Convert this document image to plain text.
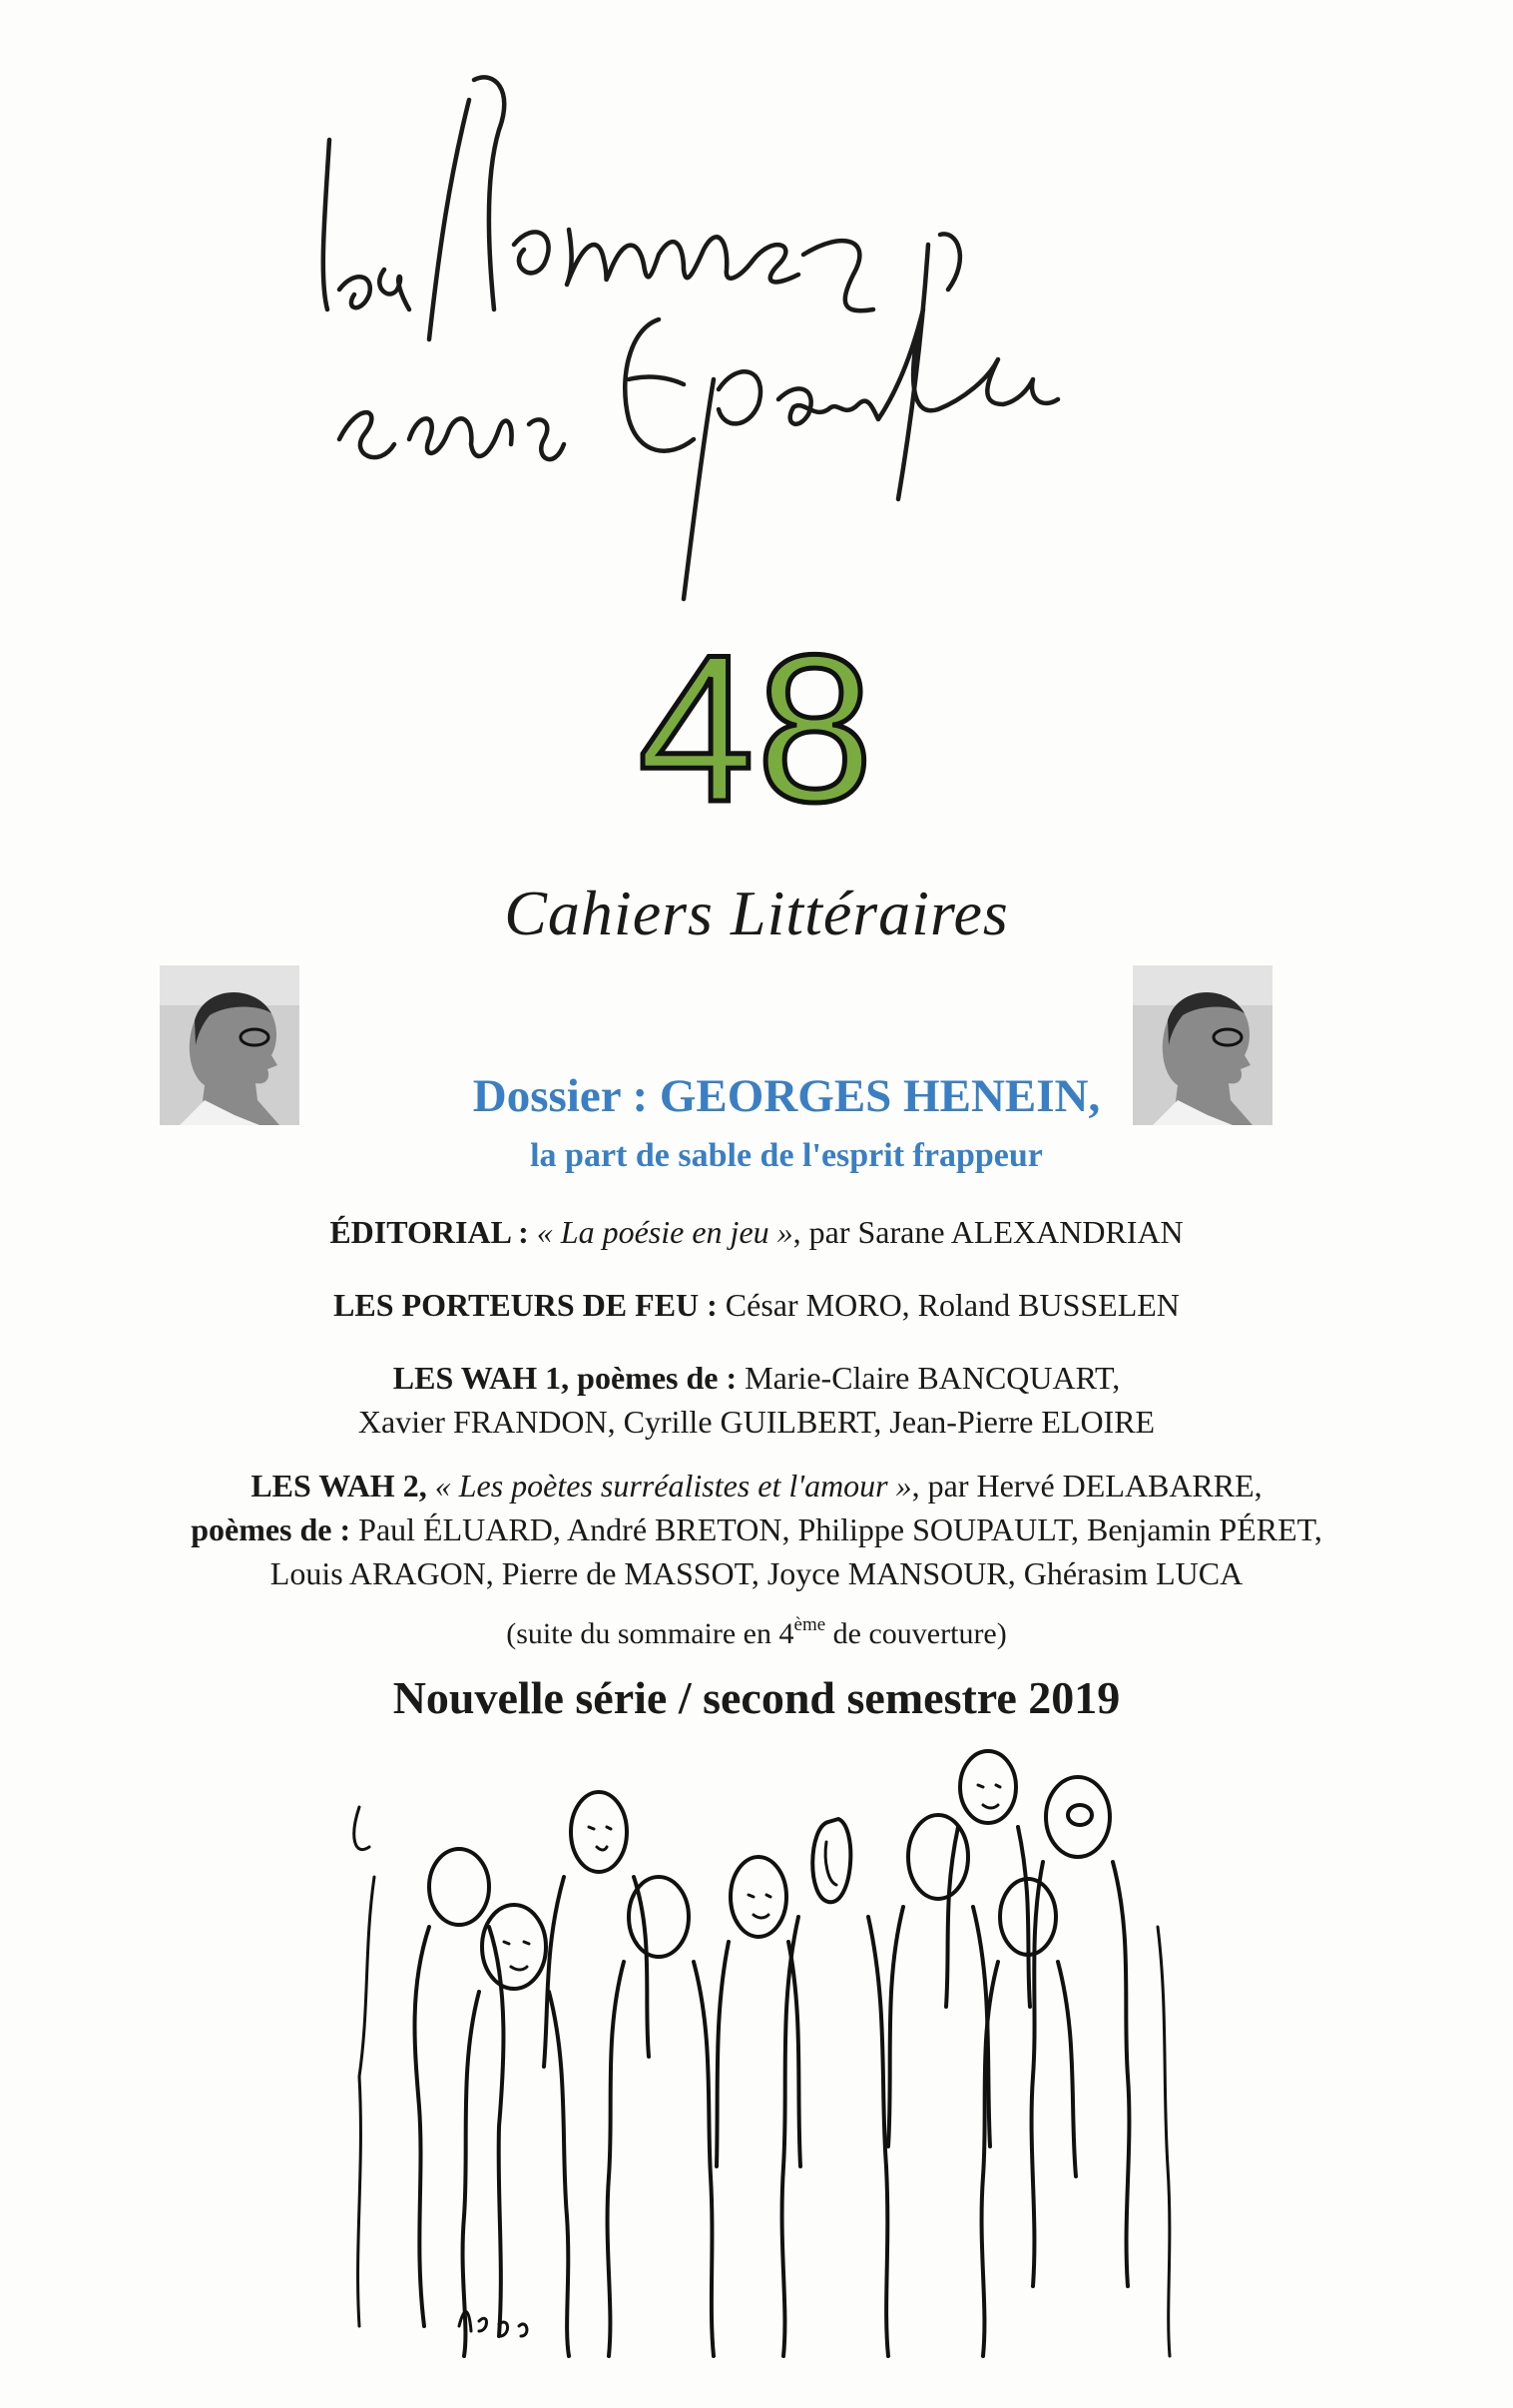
48
Cahiers Littéraires
Dossier : GEORGES HENEIN,
la part de sable de l'esprit frappeur
ÉDITORIAL : « La poésie en jeu », par Sarane ALEXANDRIAN
LES PORTEURS DE FEU : César MORO, Roland BUSSELEN
LES WAH 1, poèmes de : Marie-Claire BANCQUART,
Xavier FRANDON, Cyrille GUILBERT, Jean-Pierre ELOIRE
LES WAH 2, « Les poètes surréalistes et l'amour », par Hervé DELABARRE,
poèmes de : Paul ÉLUARD, André BRETON, Philippe SOUPAULT, Benjamin PÉRET,
Louis ARAGON, Pierre de MASSOT, Joyce MANSOUR, Ghérasim LUCA
(suite du sommaire en 4ème de couverture)
Nouvelle série / second semestre 2019
